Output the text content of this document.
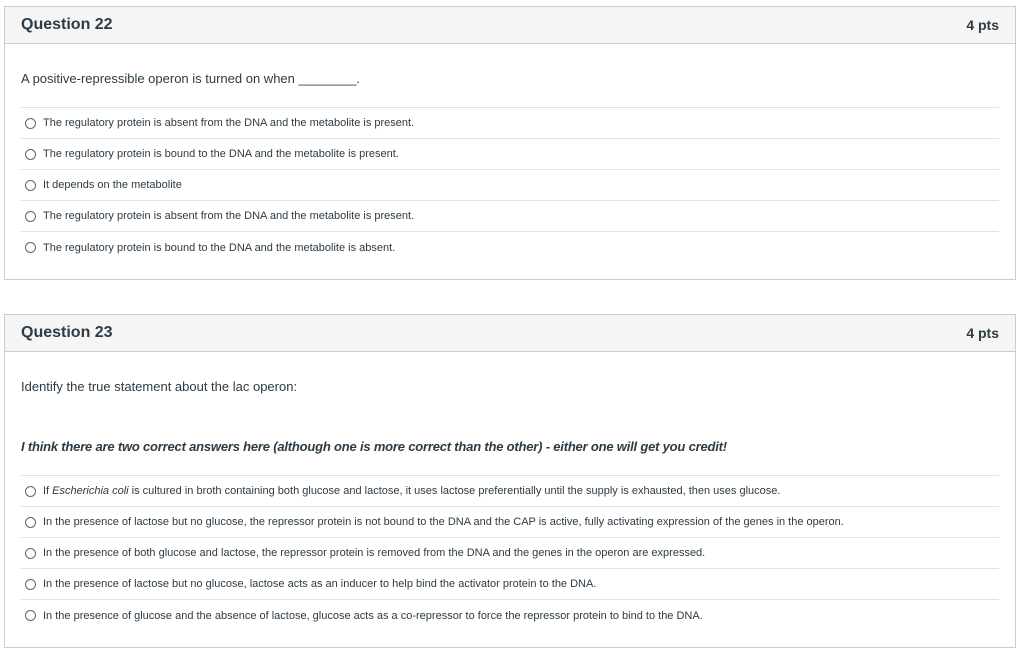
Question 22	4 pts
A positive-repressible operon is turned on when ________.
The regulatory protein is absent from the DNA and the metabolite is present.
The regulatory protein is bound to the DNA and the metabolite is present.
It depends on the metabolite
The regulatory protein is absent from the DNA and the metabolite is present.
The regulatory protein is bound to the DNA and the metabolite is absent.
Question 23	4 pts
Identify the true statement about the lac operon:
I think there are two correct answers here (although one is more correct than the other) - either one will get you credit!
If Escherichia coli is cultured in broth containing both glucose and lactose, it uses lactose preferentially until the supply is exhausted, then uses glucose.
In the presence of lactose but no glucose, the repressor protein is not bound to the DNA and the CAP is active, fully activating expression of the genes in the operon.
In the presence of both glucose and lactose, the repressor protein is removed from the DNA and the genes in the operon are expressed.
In the presence of lactose but no glucose, lactose acts as an inducer to help bind the activator protein to the DNA.
In the presence of glucose and the absence of lactose, glucose acts as a co-repressor to force the repressor protein to bind to the DNA.
